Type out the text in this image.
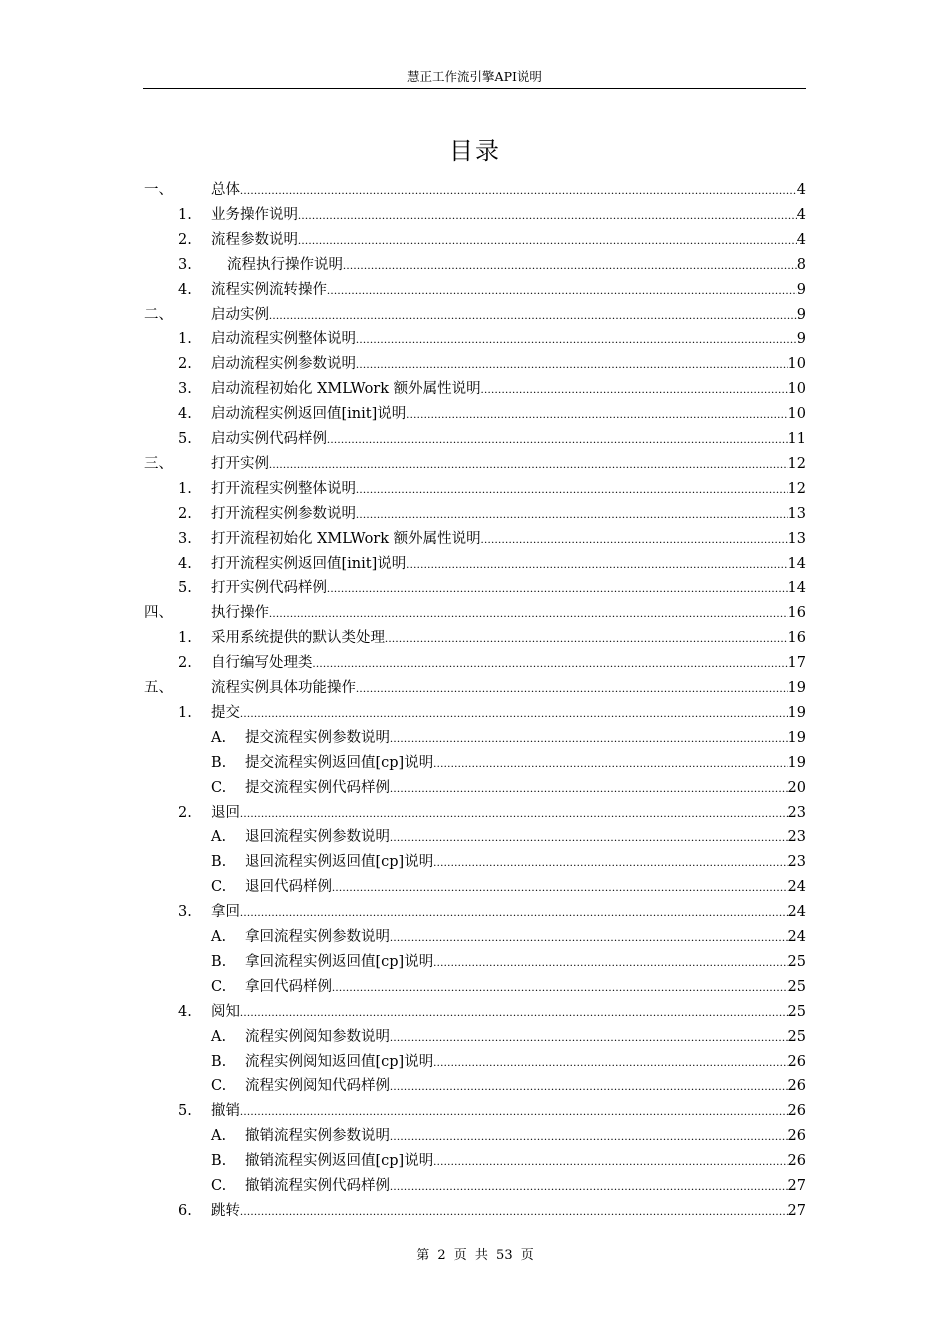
慧正工作流引擎API说明
目录
一、	总体 .....	4
1. 业务操作说明 .....	4
2. 流程参数说明 .....	4
3.	流程执行操作说明 .....	8
4. 流程实例流转操作 .....	9
二、	启动实例 .....	9
1. 启动流程实例整体说明 .....	9
2. 启动流程实例参数说明 .....	10
3. 启动流程初始化 XMLWork 额外属性说明 .....	10
4. 启动流程实例返回值[init]说明 .....	10
5. 启动实例代码样例 .....	11
三、	打开实例 .....	12
1. 打开流程实例整体说明 .....	12
2. 打开流程实例参数说明 .....	13
3. 打开流程初始化 XMLWork 额外属性说明 .....	13
4. 打开流程实例返回值[init]说明 .....	14
5. 打开实例代码样例 .....	14
四、	执行操作 .....	16
1. 采用系统提供的默认类处理 .....	16
2. 自行编写处理类 .....	17
五、	流程实例具体功能操作 .....	19
1. 提交 .....	19
A. 提交流程实例参数说明 .....	19
B. 提交流程实例返回值[cp]说明 .....	19
C. 提交流程实例代码样例 .....	20
2. 退回 .....	23
A. 退回流程实例参数说明 .....	23
B. 退回流程实例返回值[cp]说明 .....	23
C. 退回代码样例 .....	24
3. 拿回 .....	24
A. 拿回流程实例参数说明 .....	24
B. 拿回流程实例返回值[cp]说明 .....	25
C. 拿回代码样例 .....	25
4. 阅知 .....	25
A. 流程实例阅知参数说明 .....	25
B. 流程实例阅知返回值[cp]说明 .....	26
C. 流程实例阅知代码样例 .....	26
5. 撤销 .....	26
A. 撤销流程实例参数说明 .....	26
B. 撤销流程实例返回值[cp]说明 .....	26
C. 撤销流程实例代码样例 .....	27
6. 跳转 .....	27
第 2 页 共 53 页
